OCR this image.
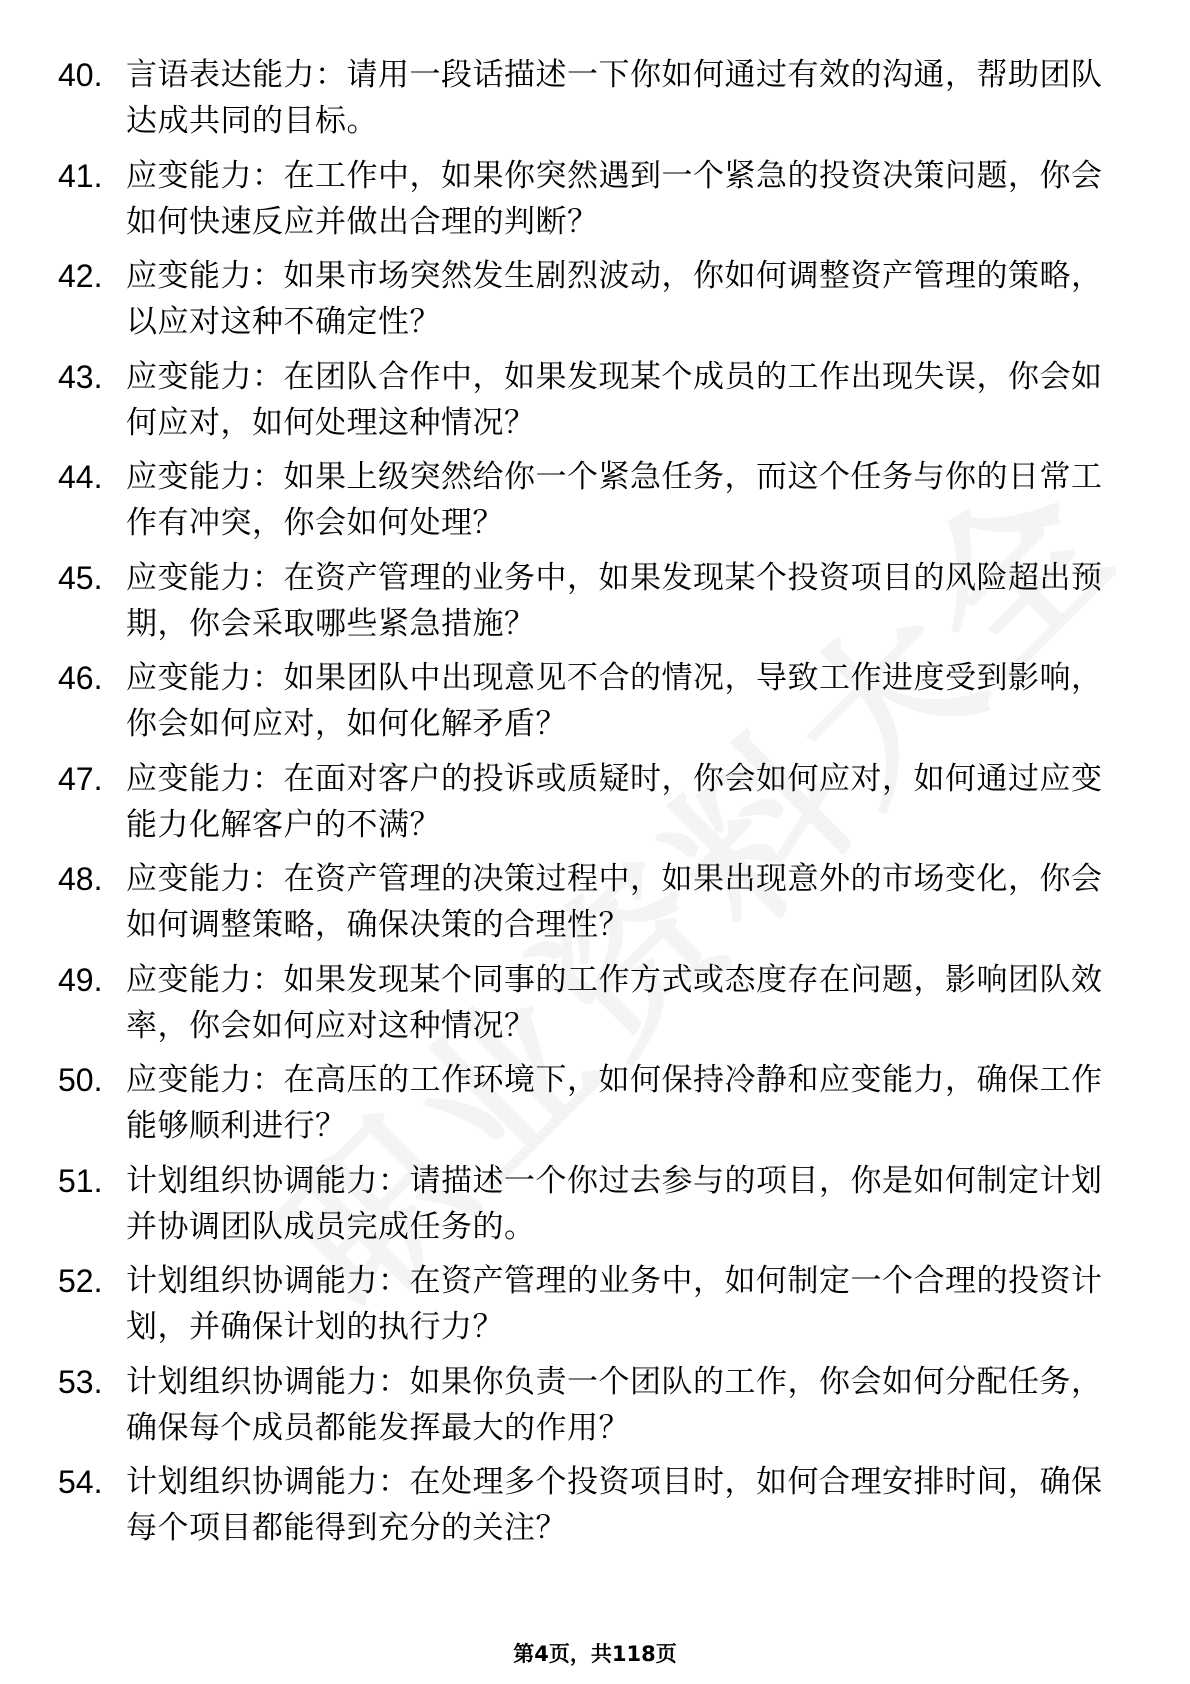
40. 言语表达能力：请用一段话描述一下你如何通过有效的沟通，帮助团队达成共同的目标。
41. 应变能力：在工作中，如果你突然遇到一个紧急的投资决策问题，你会如何快速反应并做出合理的判断？
42. 应变能力：如果市场突然发生剧烈波动，你如何调整资产管理的策略，以应对这种不确定性？
43. 应变能力：在团队合作中，如果发现某个成员的工作出现失误，你会如何应对，如何处理这种情况？
44. 应变能力：如果上级突然给你一个紧急任务，而这个任务与你的日常工作有冲突，你会如何处理？
45. 应变能力：在资产管理的业务中，如果发现某个投资项目的风险超出预期，你会采取哪些紧急措施？
46. 应变能力：如果团队中出现意见不合的情况，导致工作进度受到影响，你会如何应对，如何化解矛盾？
47. 应变能力：在面对客户的投诉或质疑时，你会如何应对，如何通过应变能力化解客户的不满？
48. 应变能力：在资产管理的决策过程中，如果出现意外的市场变化，你会如何调整策略，确保决策的合理性？
49. 应变能力：如果发现某个同事的工作方式或态度存在问题，影响团队效率，你会如何应对这种情况？
50. 应变能力：在高压的工作环境下，如何保持冷静和应变能力，确保工作能够顺利进行？
51. 计划组织协调能力：请描述一个你过去参与的项目，你是如何制定计划并协调团队成员完成任务的。
52. 计划组织协调能力：在资产管理的业务中，如何制定一个合理的投资计划，并确保计划的执行力？
53. 计划组织协调能力：如果你负责一个团队的工作，你会如何分配任务，确保每个成员都能发挥最大的作用？
54. 计划组织协调能力：在处理多个投资项目时，如何合理安排时间，确保每个项目都能得到充分的关注？
第4页，共118页
